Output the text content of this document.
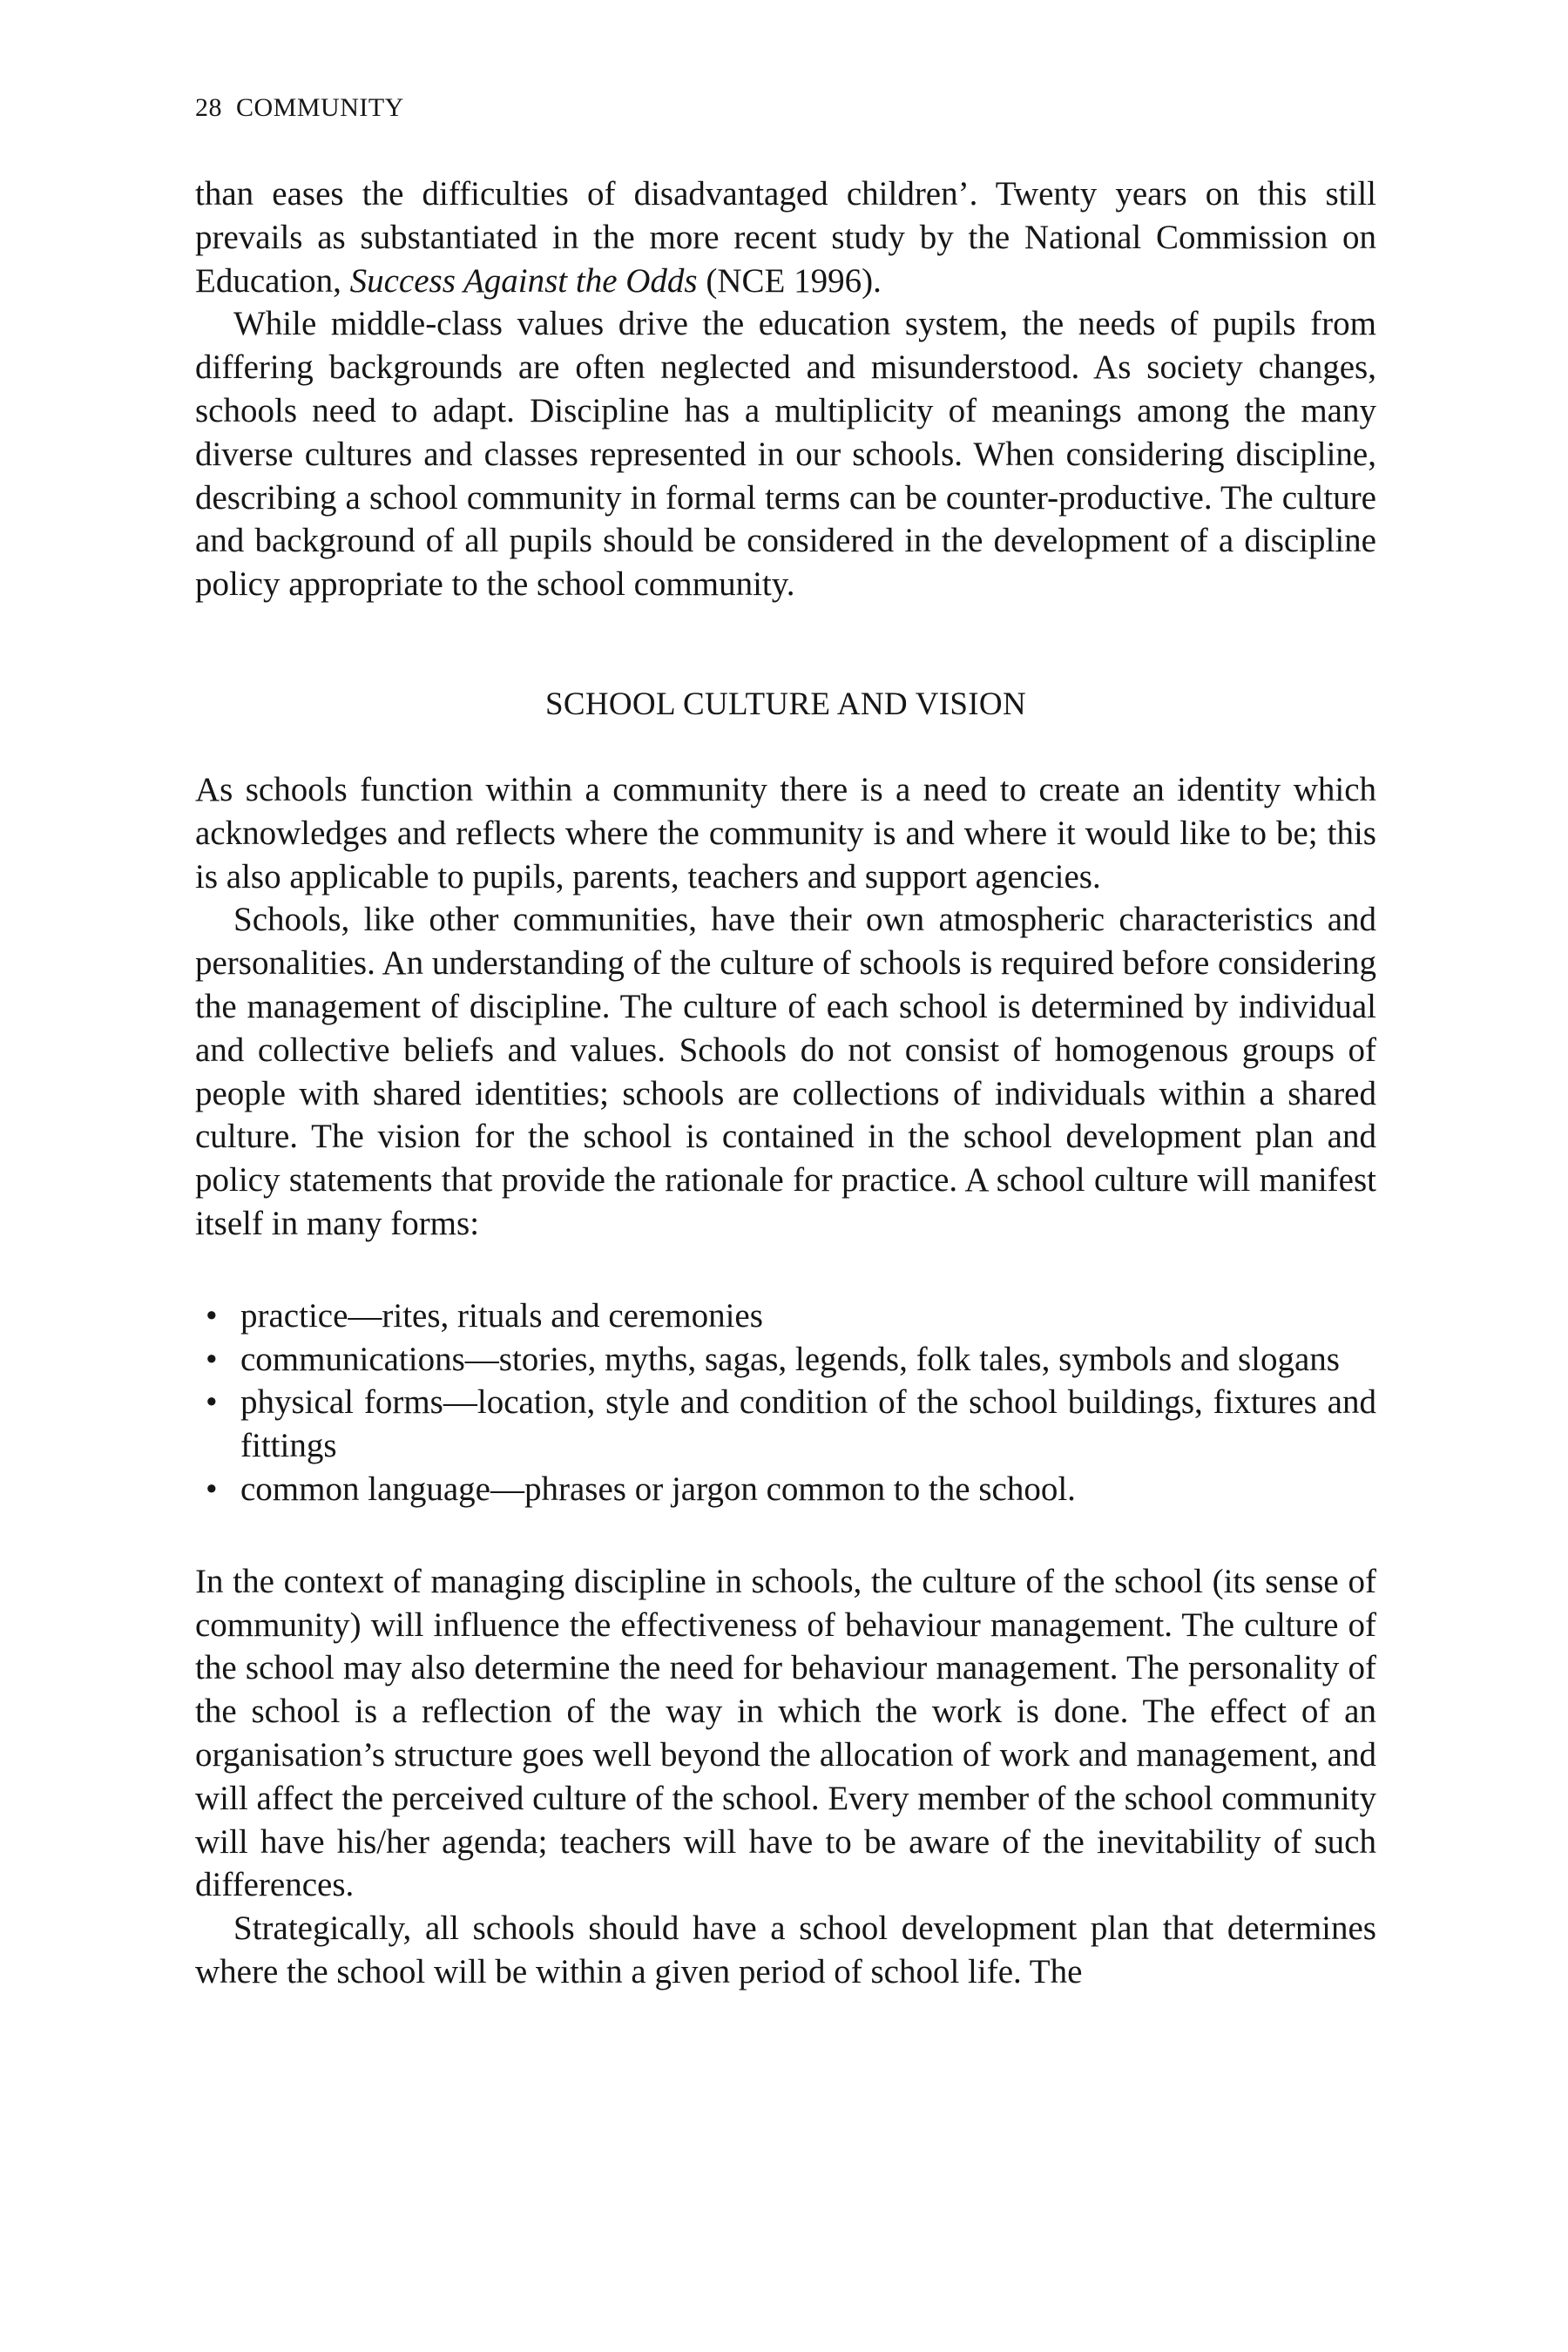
28 COMMUNITY

than eases the difficulties of disadvantaged children’. Twenty years on this still prevails as substantiated in the more recent study by the National Commission on Education, Success Against the Odds (NCE 1996).

While middle-class values drive the education system, the needs of pupils from differing backgrounds are often neglected and misunderstood. As society changes, schools need to adapt. Discipline has a multiplicity of meanings among the many diverse cultures and classes represented in our schools. When considering discipline, describing a school community in formal terms can be counter-productive. The culture and background of all pupils should be considered in the development of a discipline policy appropriate to the school community.

SCHOOL CULTURE AND VISION

As schools function within a community there is a need to create an identity which acknowledges and reflects where the community is and where it would like to be; this is also applicable to pupils, parents, teachers and support agencies.

Schools, like other communities, have their own atmospheric characteristics and personalities. An understanding of the culture of schools is required before considering the management of discipline. The culture of each school is determined by individual and collective beliefs and values. Schools do not consist of homogenous groups of people with shared identities; schools are collections of individuals within a shared culture. The vision for the school is contained in the school development plan and policy statements that provide the rationale for practice. A school culture will manifest itself in many forms:

• practice—rites, rituals and ceremonies
• communications—stories, myths, sagas, legends, folk tales, symbols and slogans
• physical forms—location, style and condition of the school buildings, fixtures and fittings
• common language—phrases or jargon common to the school.

In the context of managing discipline in schools, the culture of the school (its sense of community) will influence the effectiveness of behaviour management. The culture of the school may also determine the need for behaviour management. The personality of the school is a reflection of the way in which the work is done. The effect of an organisation’s structure goes well beyond the allocation of work and management, and will affect the perceived culture of the school. Every member of the school community will have his/her agenda; teachers will have to be aware of the inevitability of such differences.

Strategically, all schools should have a school development plan that determines where the school will be within a given period of school life. The
